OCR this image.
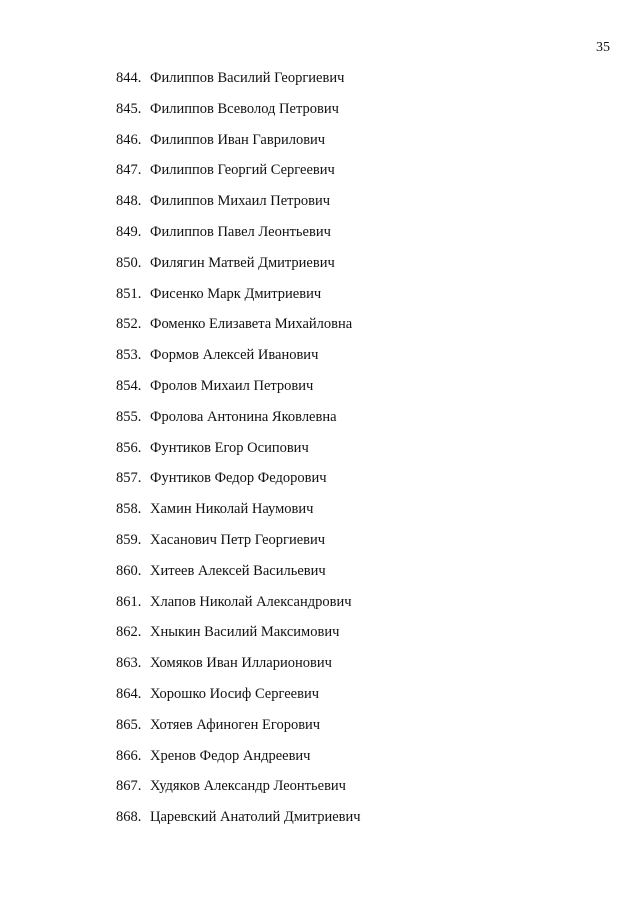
35
844. Филиппов Василий Георгиевич
845. Филиппов Всеволод Петрович
846. Филиппов Иван Гаврилович
847. Филиппов Георгий Сергеевич
848. Филиппов Михаил Петрович
849. Филиппов Павел Леонтьевич
850. Филягин Матвей Дмитриевич
851. Фисенко Марк Дмитриевич
852. Фоменко Елизавета Михайловна
853. Формов Алексей Иванович
854. Фролов Михаил Петрович
855. Фролова Антонина Яковлевна
856. Фунтиков Егор Осипович
857. Фунтиков Федор Федорович
858. Хамин Николай Наумович
859. Хасанович Петр Георгиевич
860. Хитеев Алексей Васильевич
861. Хлапов Николай Александрович
862. Хныкин Василий Максимович
863. Хомяков Иван Илларионович
864. Хорошко Иосиф Сергеевич
865. Хотяев Афиноген Егорович
866. Хренов Федор Андреевич
867. Худяков Александр Леонтьевич
868. Царевский Анатолий Дмитриевич
